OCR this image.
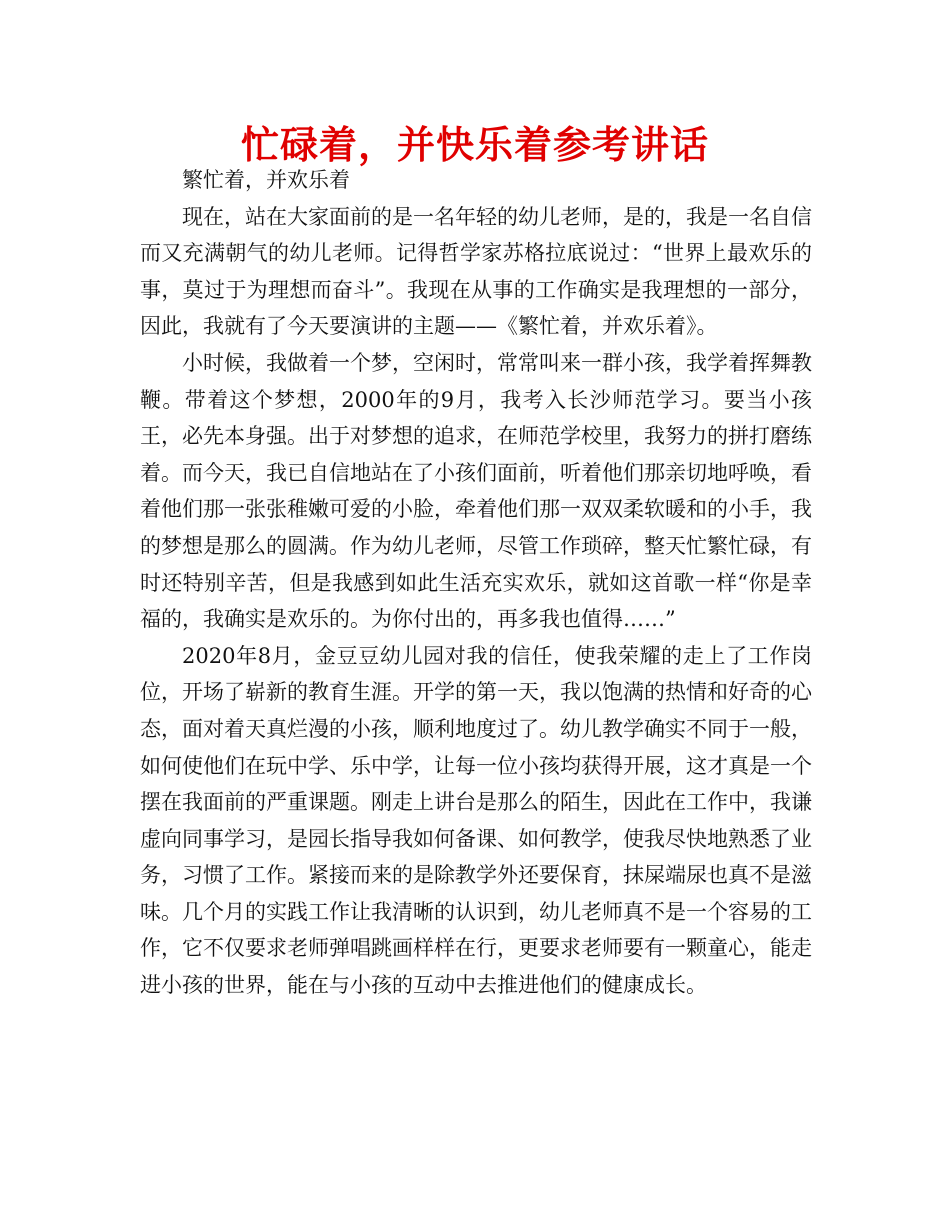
忙碌着，并快乐着参考讲话

繁忙着，并欢乐着

现在，站在大家面前的是一名年轻的幼儿老师，是的，我是一名自信而又充满朝气的幼儿老师。记得哲学家苏格拉底说过：“世界上最欢乐的事，莫过于为理想而奋斗”。我现在从事的工作确实是我理想的一部分，因此，我就有了今天要演讲的主题——《繁忙着，并欢乐着》。

小时候，我做着一个梦，空闲时，常常叫来一群小孩，我学着挥舞教鞭。带着这个梦想，2000年的9月，我考入长沙师范学习。要当小孩王，必先本身强。出于对梦想的追求，在师范学校里，我努力的拼打磨练着。而今天，我已自信地站在了小孩们面前，听着他们那亲切地呼唤，看着他们那一张张稚嫩可爱的小脸，牵着他们那一双双柔软暖和的小手，我的梦想是那么的圆满。作为幼儿老师，尽管工作琐碎，整天忙繁忙碌，有时还特别辛苦，但是我感到如此生活充实欢乐，就如这首歌一样“你是幸福的，我确实是欢乐的。为你付出的，再多我也值得……”

2020年8月，金豆豆幼儿园对我的信任，使我荣耀的走上了工作岗位，开场了崭新的教育生涯。开学的第一天，我以饱满的热情和好奇的心态，面对着天真烂漫的小孩，顺利地度过了。幼儿教学确实不同于一般，如何使他们在玩中学、乐中学，让每一位小孩均获得开展，这才真是一个摆在我面前的严重课题。刚走上讲台是那么的陌生，因此在工作中，我谦虚向同事学习，是园长指导我如何备课、如何教学，使我尽快地熟悉了业务，习惯了工作。紧接而来的是除教学外还要保育，抹屎端尿也真不是滋味。几个月的实践工作让我清晰的认识到，幼儿老师真不是一个容易的工作，它不仅要求老师弹唱跳画样样在行，更要求老师要有一颗童心，能走进小孩的世界，能在与小孩的互动中去推进他们的健康成长。
